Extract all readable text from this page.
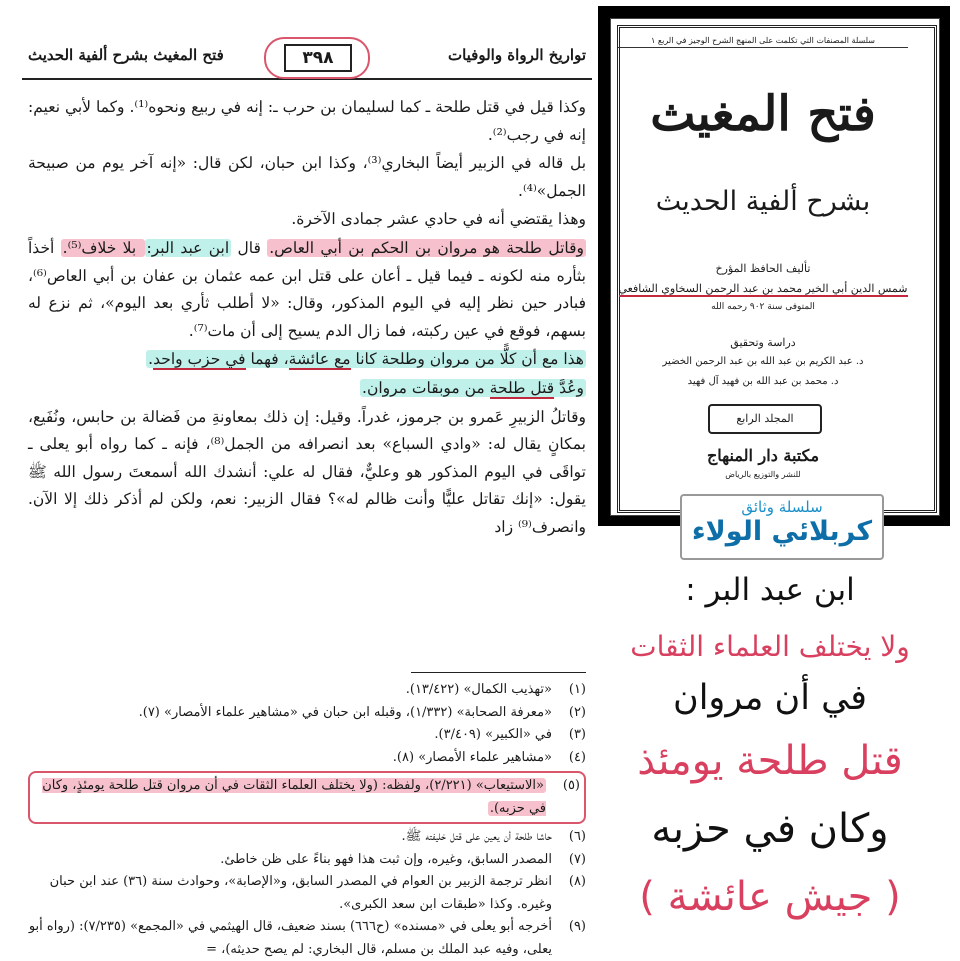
فتح المغيث بشرح ألفية الحديث	٣٩٨	تواريخ الرواة والوفيات

وكذا قيل في قتل طلحة ـ كما لسليمان بن حرب ـ: إنه في ربيع ونحوه⁽¹⁾. وكما لأبي نعيم: إنه في رجب⁽²⁾.

بل قاله في الزبير أيضاً البخاري⁽³⁾، وكذا ابن حبان، لكن قال: «إنه آخر يوم من صبيحة الجمل»⁽⁴⁾.

وهذا يقتضي أنه في حادي عشر جمادى الآخرة.

وقاتل طلحة هو مروان بن الحكم بن أبي العاص. قال ابن عبد البر: بلا خلاف⁽⁵⁾. أخذاً بثأره منه لكونه ـ فيما قيل ـ أعان على قتل ابن عمه عثمان بن عفان بن أبي العاص⁽⁶⁾، فبادر حين نظر إليه في اليوم المذكور، وقال: «لا أطلب ثأري بعد اليوم»، ثم نزع له بسهم، فوقع في عين ركبته، فما زال الدم يسيح إلى أن مات⁽⁷⁾.

هذا مع أن كلًّا من مروان وطلحة كانا مع عائشة، فهما في حزب واحد.

وعُدَّ قتل طلحة من موبقات مروان.

وقاتلُ الزبيرِ عَمرو بن جرموز، غدراً. وقيل: إن ذلك بمعاونةِ من فَضالة بن حابس، ونُفَيع، بمكانٍ يقال له: «وادي السباع» بعد انصرافه من الجمل⁽⁸⁾، فإنه ـ كما رواه أبو يعلى ـ تواقَى في اليوم المذكور هو وعليٌّ، فقال له علي: أنشدك الله أسمعتَ رسول الله ﷺ يقول: «إنك تقاتل عليًّا وأنت ظالم له»؟ فقال الزبير: نعم، ولكن لم أذكر ذلك إلا الآن. وانصرف⁽⁹⁾ زاد

(١)
«تهذيب الكمال» (١٣/٤٢٢).

(٢)
«معرفة الصحابة» (١/٣٣٢)، وقبله ابن حبان في «مشاهير علماء الأمصار» (٧).

(٣)
في «الكبير» (٣/٤٠٩).

(٤)
«مشاهير علماء الأمصار» (٨).

(٥)
«الاستيعاب» (٢/٢٢١)، ولفظه: (ولا يختلف العلماء الثقات في أن مروان قتل طلحة يومئذٍ، وكان في حزبه).

(٦)
حاشا طلحة أن يعين على قتل خليفته ﷺ.

(٧)
المصدر السابق، وغيره، وإن ثبت هذا فهو بناءً على ظن خاطئ.

(٨)
انظر ترجمة الزبير بن العوام في المصدر السابق، و«الإصابة»، وحوادث سنة (٣٦) عند ابن حبان وغيره. وكذا «طبقات ابن سعد الكبرى».

(٩)
أخرجه أبو يعلى في «مسنده» (ح٦٦٦) بسند ضعيف، قال الهيثمي في «المجمع» (٧/٢٣٥): (رواه أبو يعلى، وفيه عبد الملك بن مسلم، قال البخاري: لم يصح حديثه)، =

سلسلة المصنفات التي تكلمت على المنهج الشرح الوجيز في الربع ١
فتح المغيث
بشرح ألفية الحديث
تأليف الحافظ المؤرخ
شمس الدين أبي الخير محمد بن عبد الرحمن السخاوي الشافعي
المتوفى سنة ٩٠٢ رحمه الله
دراسة وتحقيق
د. عبد الكريم بن عبد الله بن عبد الرحمن الخضير
د. محمد بن عبد الله بن فهيد آل فهيد
المجلد الرابع
مكتبة دار المنهاج
للنشر والتوزيع بالرياض
سلسلة وثائق
كربلائي الولاء
ابن عبد البر :
ولا يختلف العلماء الثقات
في أن مروان
قتل طلحة يومئذ
وكان في حزبه
( جيش عائشة )
